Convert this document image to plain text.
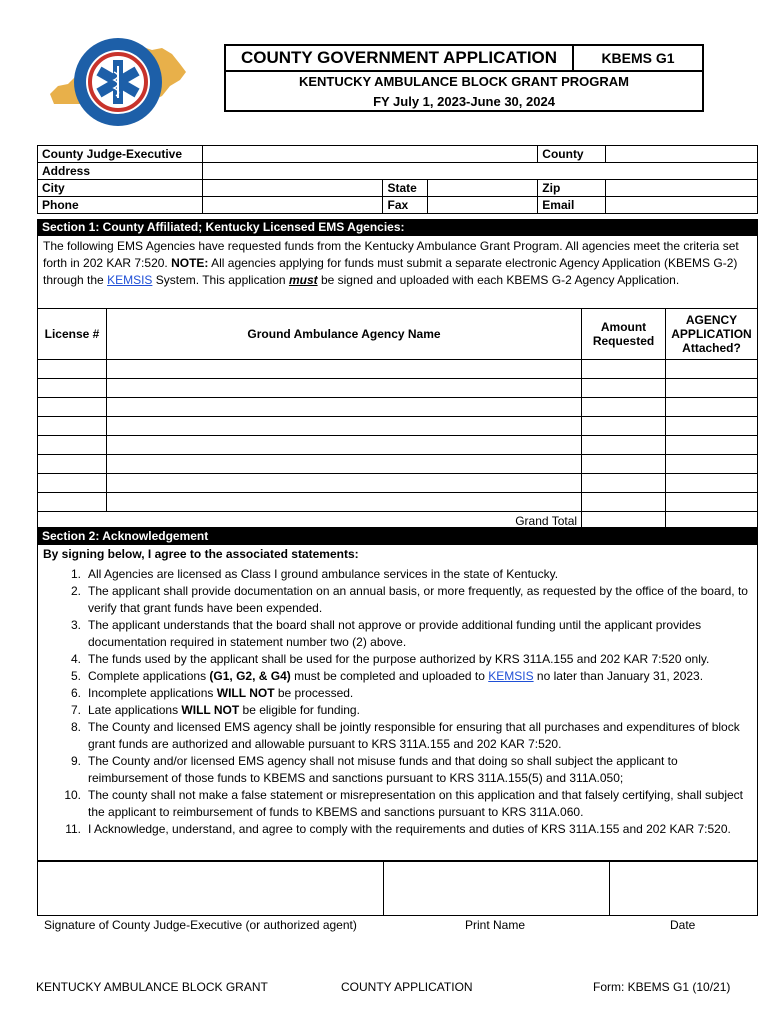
COUNTY GOVERNMENT APPLICATION	KBEMS G1
KENTUCKY AMBULANCE BLOCK GRANT PROGRAM
FY July 1, 2023-June 30, 2024
County Judge-Executive				County	
Address					
City		State		Zip	
Phone		Fax		Email	
Section 1: County Affiliated; Kentucky Licensed EMS Agencies:
The following EMS Agencies have requested funds from the Kentucky Ambulance Grant Program. All agencies meet the criteria set forth in 202 KAR 7:520. NOTE: All agencies applying for funds must submit a separate electronic Agency Application (KBEMS G-2) through the KEMSIS System. This application must be signed and uploaded with each KBEMS G-2 Agency Application.
License #	Ground Ambulance Agency Name	Amount Requested	AGENCY APPLICATION Attached?

Grand Total			
Section 2: Acknowledgement
By signing below, I agree to the associated statements:
1. All Agencies are licensed as Class I ground ambulance services in the state of Kentucky.
2. The applicant shall provide documentation on an annual basis, or more frequently, as requested by the office of the board, to verify that grant funds have been expended.
3. The applicant understands that the board shall not approve or provide additional funding until the applicant provides documentation required in statement number two (2) above.
4. The funds used by the applicant shall be used for the purpose authorized by KRS 311A.155 and 202 KAR 7:520 only.
5. Complete applications (G1, G2, & G4) must be completed and uploaded to KEMSIS no later than January 31, 2023.
6. Incomplete applications WILL NOT be processed.
7. Late applications WILL NOT be eligible for funding.
8. The County and licensed EMS agency shall be jointly responsible for ensuring that all purchases and expenditures of block grant funds are authorized and allowable pursuant to KRS 311A.155 and 202 KAR 7:520.
9. The County and/or licensed EMS agency shall not misuse funds and that doing so shall subject the applicant to reimbursement of those funds to KBEMS and sanctions pursuant to KRS 311A.155(5) and 311A.050;
10. The county shall not make a false statement or misrepresentation on this application and that falsely certifying, shall subject the applicant to reimbursement of funds to KBEMS and sanctions pursuant to KRS 311A.060.
11. I Acknowledge, understand, and agree to comply with the requirements and duties of KRS 311A.155 and 202 KAR 7:520.

Signature of County Judge-Executive (or authorized agent)	Print Name	Date
KENTUCKY AMBULANCE BLOCK GRANT	COUNTY APPLICATION	Form: KBEMS G1 (10/21)
